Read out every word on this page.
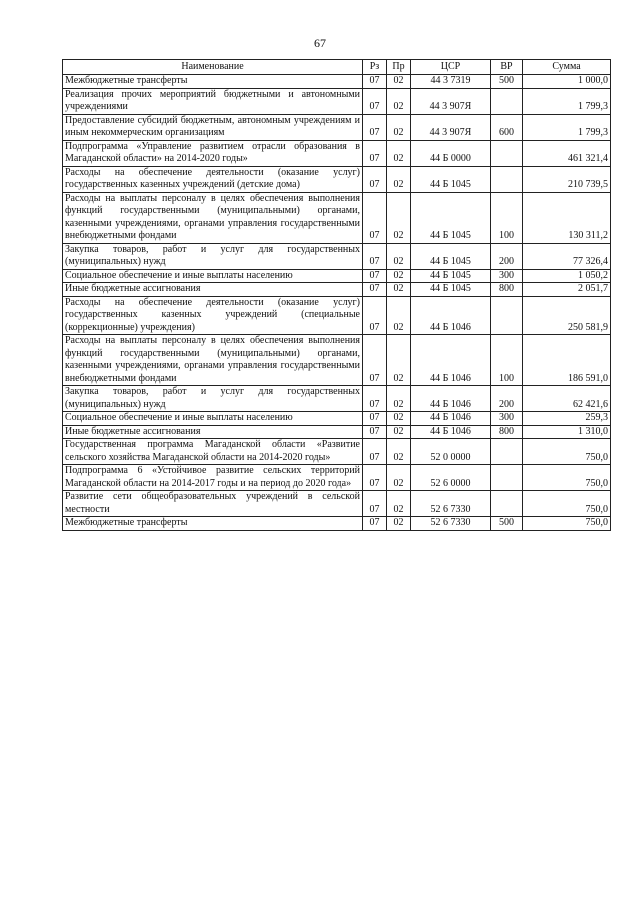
67
Наименование	Рз	Пр	ЦСР	ВР	Сумма
Межбюджетные трансферты	07	02	44 3 7319	500	1 000,0
Реализация прочих мероприятий бюджетными и автономными учреждениями	07	02	44 3 907Я		1 799,3
Предоставление субсидий бюджетным, автономным учреждениям и иным некоммерческим организациям	07	02	44 3 907Я	600	1 799,3
Подпрограмма «Управление развитием отрасли образования в Магаданской области» на 2014-2020 годы»	07	02	44 Б 0000		461 321,4
Расходы на обеспечение деятельности (оказание услуг) государственных казенных учреждений (детские дома)	07	02	44 Б 1045		210 739,5
Расходы на выплаты персоналу в целях обеспечения выполнения функций государственными (муниципальными) органами, казенными учреждениями, органами управления государственными внебюджетными фондами	07	02	44 Б 1045	100	130 311,2
Закупка товаров, работ и услуг для государственных (муниципальных) нужд	07	02	44 Б 1045	200	77 326,4
Социальное обеспечение и иные выплаты населению	07	02	44 Б 1045	300	1 050,2
Иные бюджетные ассигнования	07	02	44 Б 1045	800	2 051,7
Расходы на обеспечение деятельности (оказание услуг) государственных казенных учреждений (специальные (коррекционные) учреждения)	07	02	44 Б 1046		250 581,9
Расходы на выплаты персоналу в целях обеспечения выполнения функций государственными (муниципальными) органами, казенными учреждениями, органами управления государственными внебюджетными фондами	07	02	44 Б 1046	100	186 591,0
Закупка товаров, работ и услуг для государственных (муниципальных) нужд	07	02	44 Б 1046	200	62 421,6
Социальное обеспечение и иные выплаты населению	07	02	44 Б 1046	300	259,3
Иные бюджетные ассигнования	07	02	44 Б 1046	800	1 310,0
Государственная программа Магаданской области «Развитие сельского хозяйства Магаданской области на 2014-2020 годы»	07	02	52 0 0000		750,0
Подпрограмма 6 «Устойчивое развитие сельских территорий Магаданской области на 2014-2017 годы и на период до 2020 года»	07	02	52 6 0000		750,0
Развитие сети общеобразовательных учреждений в сельской местности	07	02	52 6 7330		750,0
Межбюджетные трансферты	07	02	52 6 7330	500	750,0
